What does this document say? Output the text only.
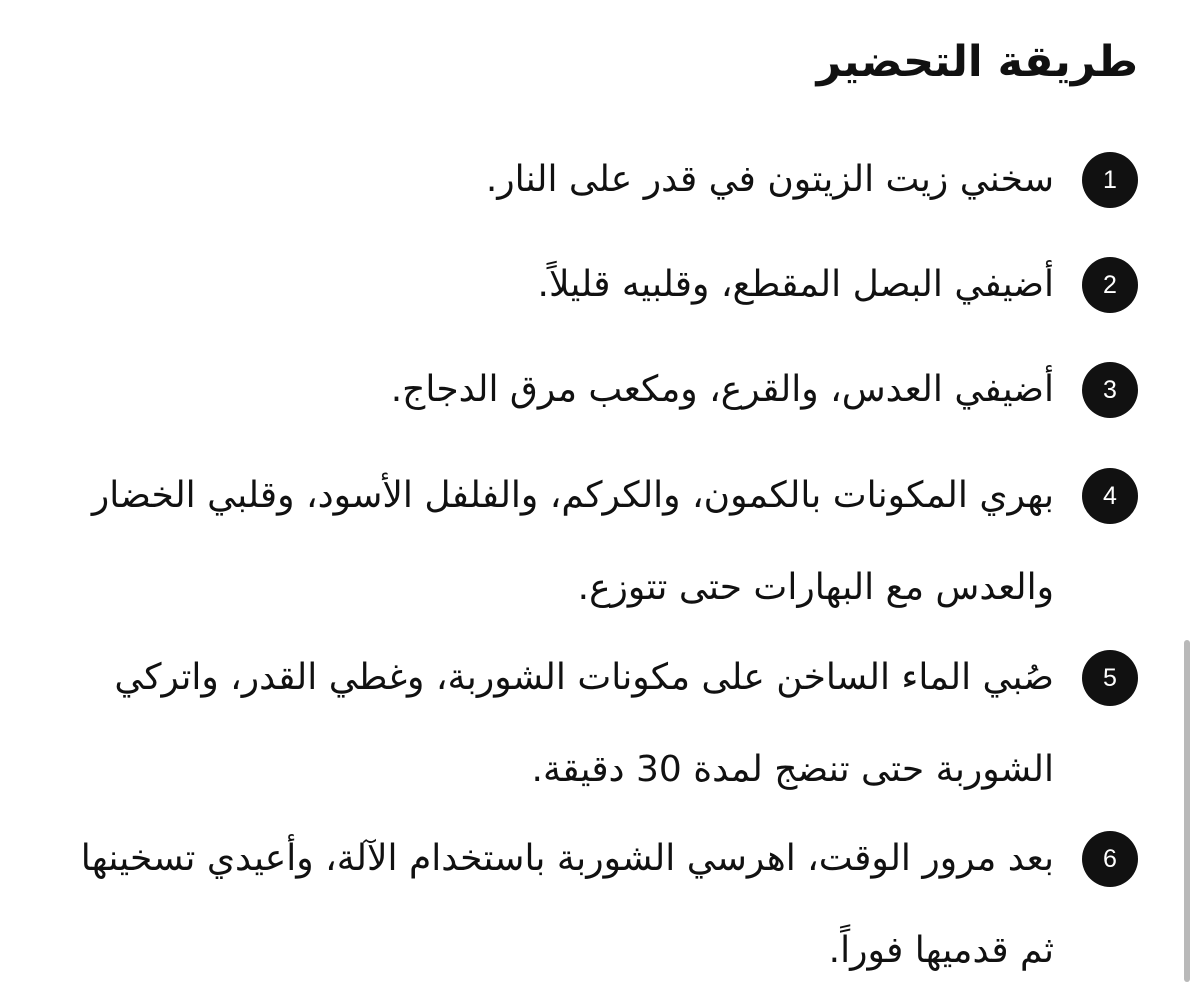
طريقة التحضير
1
سخني زيت الزيتون في قدر على النار.
2
أضيفي البصل المقطع، وقلبيه قليلاً.
3
أضيفي العدس، والقرع، ومكعب مرق الدجاج.
4
بهري المكونات بالكمون، والكركم، والفلفل الأسود، وقلبي الخضار والعدس مع البهارات حتى تتوزع.
5
صُبي الماء الساخن على مكونات الشوربة، وغطي القدر، واتركي الشوربة حتى تنضج لمدة 30 دقيقة.
6
بعد مرور الوقت، اهرسي الشوربة باستخدام الآلة، وأعيدي تسخينها ثم قدميها فوراً.
